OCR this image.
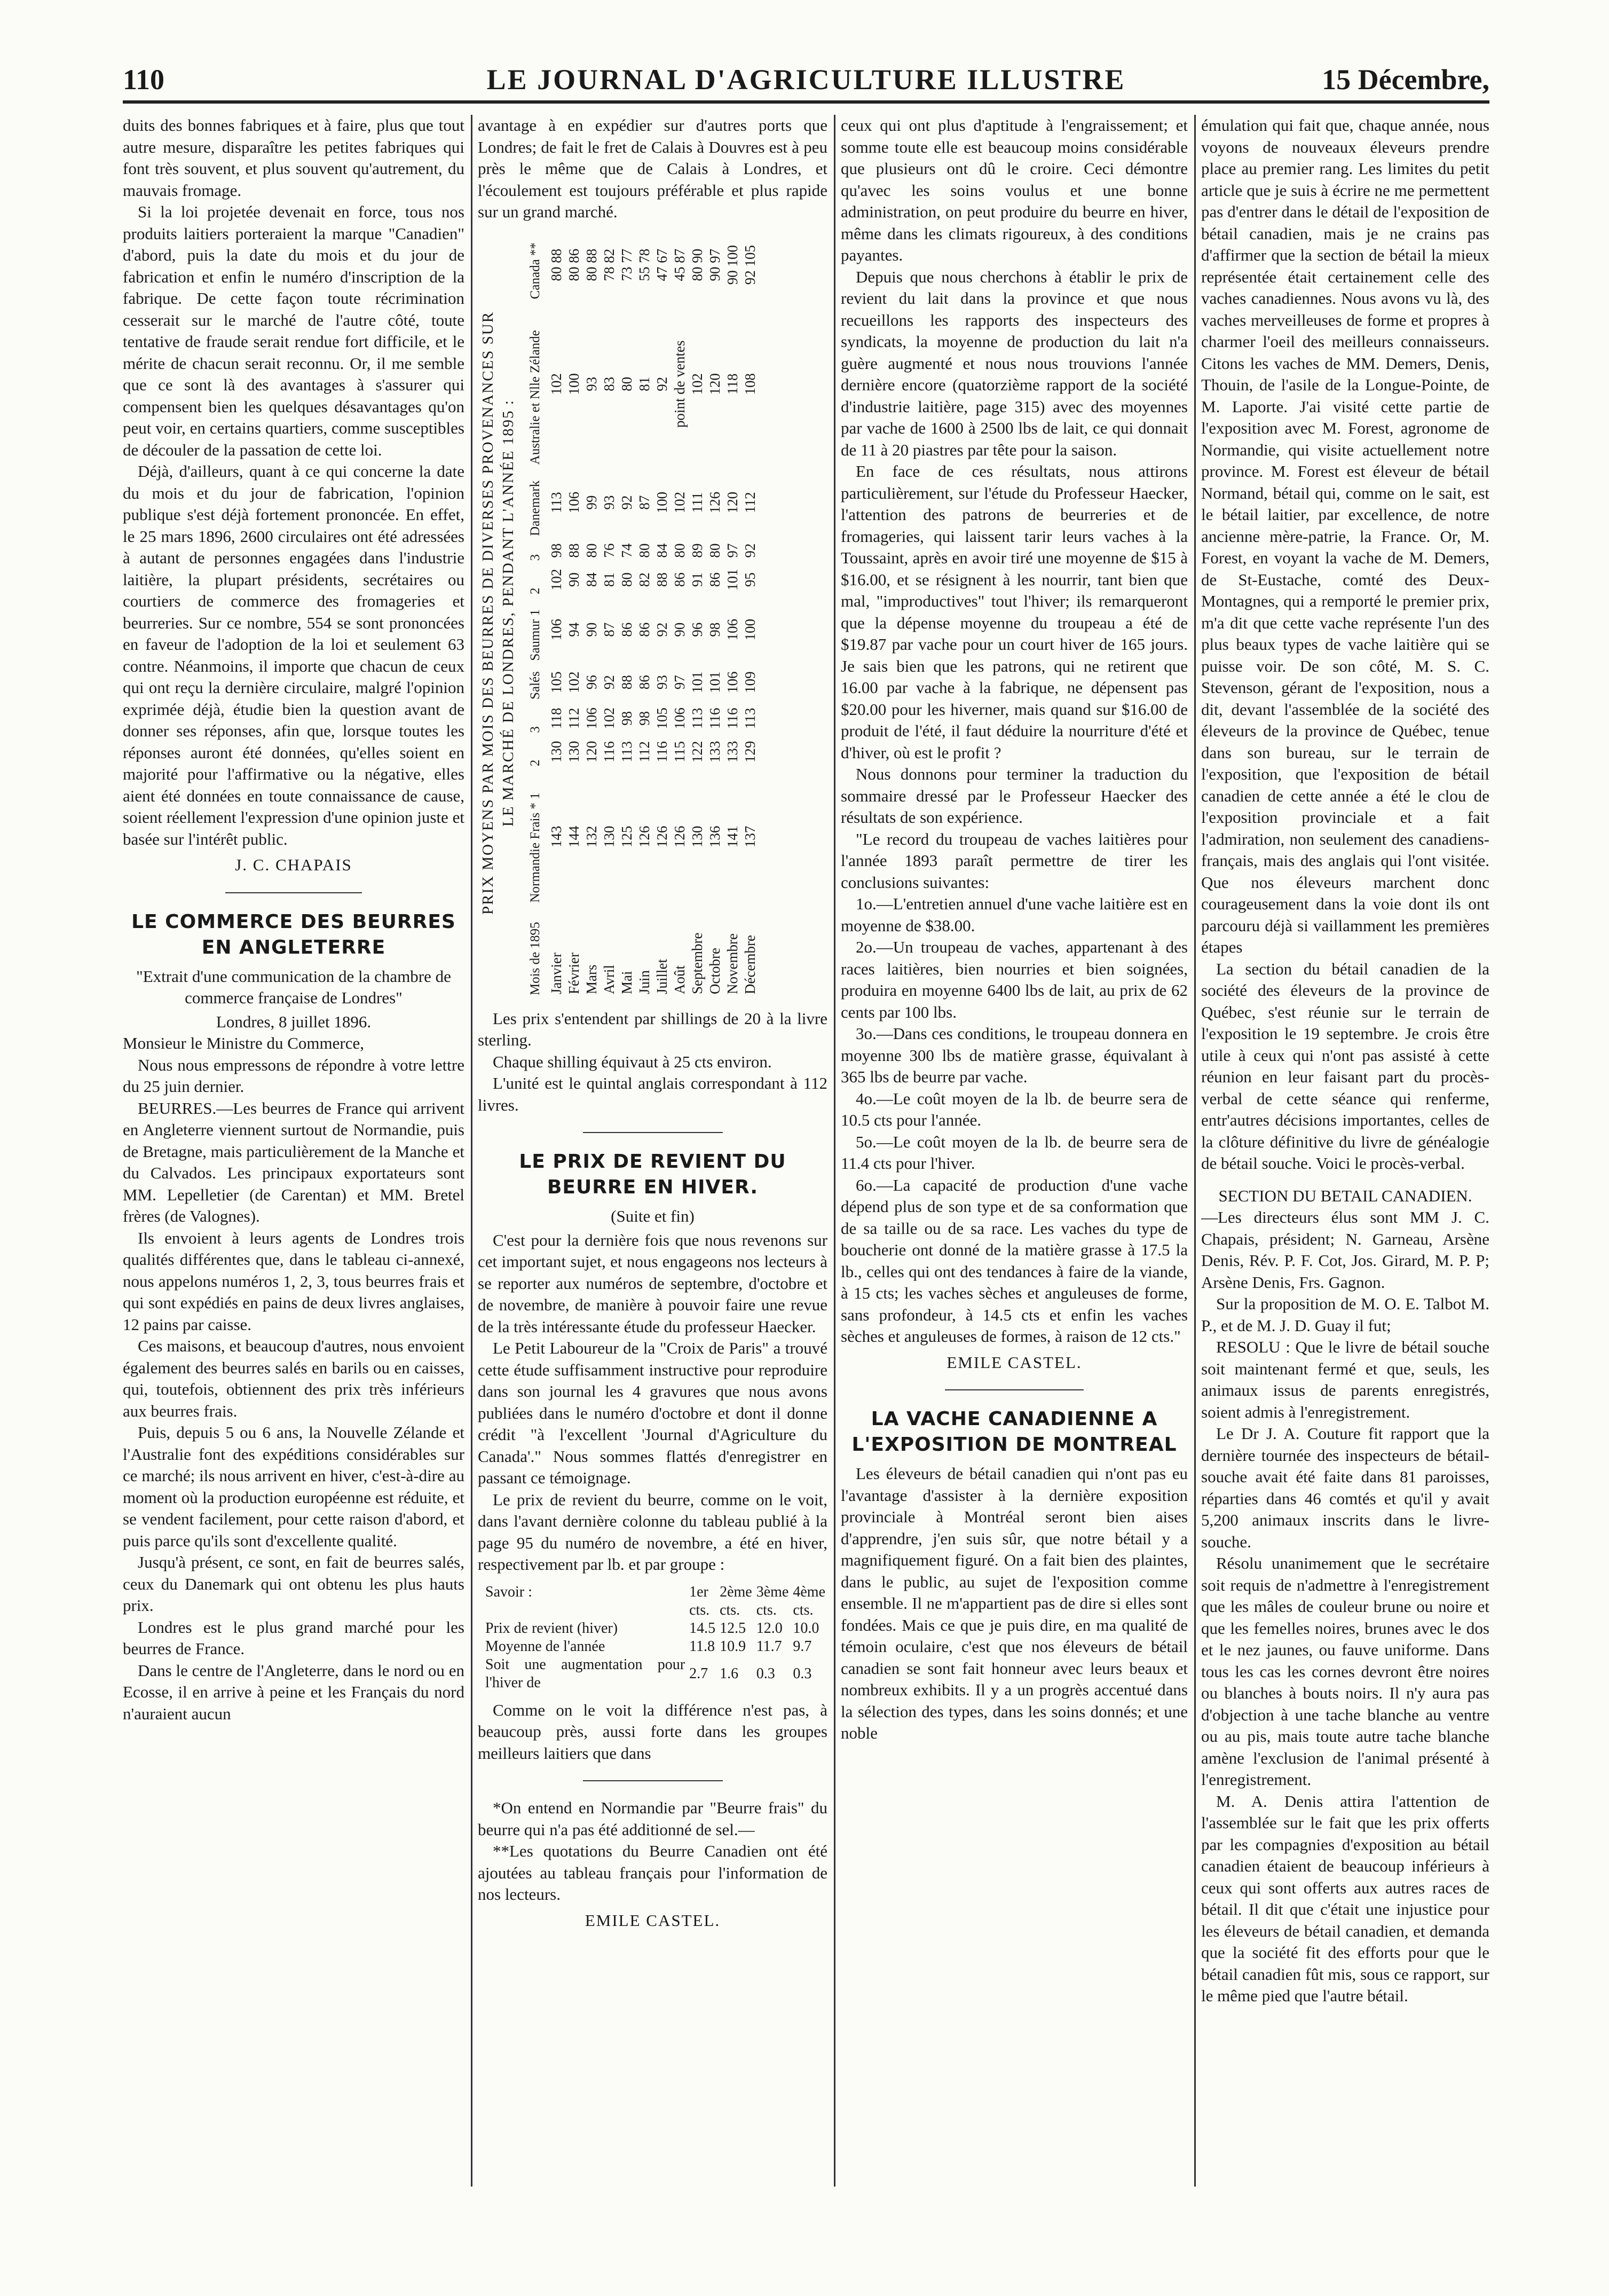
110	LE JOURNAL D'AGRICULTURE ILLUSTRE	15 Décembre,

duits des bonnes fabriques et à faire, plus que tout autre mesure, disparaître les petites fabriques qui font très souvent, et plus souvent qu'autrement, du mauvais fromage.

Si la loi projetée devenait en force, tous nos produits laitiers porteraient la marque "Canadien" d'abord, puis la date du mois et du jour de fabrication et enfin le numéro d'inscription de la fabrique. De cette façon toute récrimination cesserait sur le marché de l'autre côté, toute tentative de fraude serait rendue fort difficile, et le mérite de chacun serait reconnu. Or, il me semble que ce sont là des avantages à s'assurer qui compensent bien les quelques désavantages qu'on peut voir, en certains quartiers, comme susceptibles de découler de la passation de cette loi.

Déjà, d'ailleurs, quant à ce qui concerne la date du mois et du jour de fabrication, l'opinion publique s'est déjà fortement prononcée. En effet, le 25 mars 1896, 2600 circulaires ont été adressées à autant de personnes engagées dans l'industrie laitière, la plupart présidents, secrétaires ou courtiers de commerce des fromageries et beurreries. Sur ce nombre, 554 se sont prononcées en faveur de l'adoption de la loi et seulement 63 contre. Néanmoins, il importe que chacun de ceux qui ont reçu la dernière circulaire, malgré l'opinion exprimée déjà, étudie bien la question avant de donner ses réponses, afin que, lorsque toutes les réponses auront été données, qu'elles soient en majorité pour l'affirmative ou la négative, elles aient été données en toute connaissance de cause, soient réellement l'expression d'une opinion juste et basée sur l'intérêt public.

J. C. CHAPAIS
LE COMMERCE DES BEURRES EN ANGLETERRE
"Extrait d'une communication de la chambre de commerce française de Londres"
Londres, 8 juillet 1896.

Monsieur le Ministre du Commerce,

Nous nous empressons de répondre à votre lettre du 25 juin dernier.

BEURRES.—Les beurres de France qui arrivent en Angleterre viennent surtout de Normandie, puis de Bretagne, mais particulièrement de la Manche et du Calvados. Les principaux exportateurs sont MM. Lepelletier (de Carentan) et MM. Bretel frères (de Valognes).

Ils envoient à leurs agents de Londres trois qualités différentes que, dans le tableau ci-annexé, nous appelons numéros 1, 2, 3, tous beurres frais et qui sont expédiés en pains de deux livres anglaises, 12 pains par caisse.

Ces maisons, et beaucoup d'autres, nous envoient également des beurres salés en barils ou en caisses, qui, toutefois, obtiennent des prix très inférieurs aux beurres frais.

Puis, depuis 5 ou 6 ans, la Nouvelle Zélande et l'Australie font des expéditions considérables sur ce marché; ils nous arrivent en hiver, c'est-à-dire au moment où la production européenne est réduite, et se vendent facilement, pour cette raison d'abord, et puis parce qu'ils sont d'excellente qualité.

Jusqu'à présent, ce sont, en fait de beurres salés, ceux du Danemark qui ont obtenu les plus hauts prix.

Londres est le plus grand marché pour les beurres de France.

Dans le centre de l'Angleterre, dans le nord ou en Ecosse, il en arrive à peine et les Français du nord n'auraient aucun

avantage à en expédier sur d'autres ports que Londres; de fait le fret de Calais à Douvres est à peu près le même que de Calais à Londres, et l'écoulement est toujours préférable et plus rapide sur un grand marché.

PRIX MOYENS PAR MOIS DES BEURRES DE DIVERSES PROVENANCES SUR LE MARCHÉ DE LONDRES, PENDANT L'ANNÉE 1895 :
Mois de 1895	Normandie Frais * 1	2	3	Salés	Saumur 1	2	3	Danemark	Australie et Nlle Zélande	Canada **
Janvier	143	130	118	105	106	102	98	113	102	80 88
Février	144	130	112	102	94	90	88	106	100	80 86
Mars	132	120	106	96	90	84	80	99	93	80 88
Avril	130	116	102	92	87	81	76	93	83	78 82
Mai	125	113	98	88	86	80	74	92	80	73 77
Juin	126	112	98	86	86	82	80	87	81	55 78
Juillet	126	116	105	93	92	88	84	100	92	47 67
Août	126	115	106	97	90	86	80	102	point de ventes	45 87
Septembre	130	122	113	101	96	91	89	111	102	80 90
Octobre	136	133	116	101	98	86	80	126	120	90 97
Novembre	141	133	116	106	106	101	97	120	118	90 100
Décembre	137	129	113	109	100	95	92	112	108	92 105

Les prix s'entendent par shillings de 20 à la livre sterling.

Chaque shilling équivaut à 25 cts environ.

L'unité est le quintal anglais correspondant à 112 livres.

LE PRIX DE REVIENT DU BEURRE EN HIVER.
(Suite et fin)

C'est pour la dernière fois que nous revenons sur cet important sujet, et nous engageons nos lecteurs à se reporter aux numéros de septembre, d'octobre et de novembre, de manière à pouvoir faire une revue de la très intéressante étude du professeur Haecker.

Le Petit Laboureur de la "Croix de Paris" a trouvé cette étude suffisamment instructive pour reproduire dans son journal les 4 gravures que nous avons publiées dans le numéro d'octobre et dont il donne crédit "à l'excellent 'Journal d'Agriculture du Canada'." Nous sommes flattés d'enregistrer en passant ce témoignage.

Le prix de revient du beurre, comme on le voit, dans l'avant dernière colonne du tableau publié à la page 95 du numéro de novembre, a été en hiver, respectivement par lb. et par groupe :

Savoir :	1er	2ème	3ème	4ème
	cts.	cts.	cts.	cts.
Prix de revient (hiver)	14.5	12.5	12.0	10.0
Moyenne de l'année	11.8	10.9	11.7	9.7
Soit une augmentation pour l'hiver de	2.7	1.6	0.3	0.3

Comme on le voit la différence n'est pas, à beaucoup près, aussi forte dans les groupes meilleurs laitiers que dans

*On entend en Normandie par "Beurre frais" du beurre qui n'a pas été additionné de sel.—

**Les quotations du Beurre Canadien ont été ajoutées au tableau français pour l'information de nos lecteurs.

EMILE CASTEL.

ceux qui ont plus d'aptitude à l'engraissement; et somme toute elle est beaucoup moins considérable que plusieurs ont dû le croire. Ceci démontre qu'avec les soins voulus et une bonne administration, on peut produire du beurre en hiver, même dans les climats rigoureux, à des conditions payantes.

Depuis que nous cherchons à établir le prix de revient du lait dans la province et que nous recueillons les rapports des inspecteurs des syndicats, la moyenne de production du lait n'a guère augmenté et nous nous trouvions l'année dernière encore (quatorzième rapport de la société d'industrie laitière, page 315) avec des moyennes par vache de 1600 à 2500 lbs de lait, ce qui donnait de 11 à 20 piastres par tête pour la saison.

En face de ces résultats, nous attirons particulièrement, sur l'étude du Professeur Haecker, l'attention des patrons de beurreries et de fromageries, qui laissent tarir leurs vaches à la Toussaint, après en avoir tiré une moyenne de $15 à $16.00, et se résignent à les nourrir, tant bien que mal, "improductives" tout l'hiver; ils remarqueront que la dépense moyenne du troupeau a été de $19.87 par vache pour un court hiver de 165 jours. Je sais bien que les patrons, qui ne retirent que 16.00 par vache à la fabrique, ne dépensent pas $20.00 pour les hiverner, mais quand sur $16.00 de produit de l'été, il faut déduire la nourriture d'été et d'hiver, où est le profit ?

Nous donnons pour terminer la traduction du sommaire dressé par le Professeur Haecker des résultats de son expérience.

"Le record du troupeau de vaches laitières pour l'année 1893 paraît permettre de tirer les conclusions suivantes:

1o.—L'entretien annuel d'une vache laitière est en moyenne de $38.00.

2o.—Un troupeau de vaches, appartenant à des races laitières, bien nourries et bien soignées, produira en moyenne 6400 lbs de lait, au prix de 62 cents par 100 lbs.

3o.—Dans ces conditions, le troupeau donnera en moyenne 300 lbs de matière grasse, équivalant à 365 lbs de beurre par vache.

4o.—Le coût moyen de la lb. de beurre sera de 10.5 cts pour l'année.

5o.—Le coût moyen de la lb. de beurre sera de 11.4 cts pour l'hiver.

6o.—La capacité de production d'une vache dépend plus de son type et de sa conformation que de sa taille ou de sa race. Les vaches du type de boucherie ont donné de la matière grasse à 17.5 la lb., celles qui ont des tendances à faire de la viande, à 15 cts; les vaches sèches et anguleuses de forme, sans profondeur, à 14.5 cts et enfin les vaches sèches et anguleuses de formes, à raison de 12 cts."

EMILE CASTEL.
LA VACHE CANADIENNE A L'EXPOSITION DE MONTREAL

Les éleveurs de bétail canadien qui n'ont pas eu l'avantage d'assister à la dernière exposition provinciale à Montréal seront bien aises d'apprendre, j'en suis sûr, que notre bétail y a magnifiquement figuré. On a fait bien des plaintes, dans le public, au sujet de l'exposition comme ensemble. Il ne m'appartient pas de dire si elles sont fondées. Mais ce que je puis dire, en ma qualité de témoin oculaire, c'est que nos éleveurs de bétail canadien se sont fait honneur avec leurs beaux et nombreux exhibits. Il y a un progrès accentué dans la sélection des types, dans les soins donnés; et une noble

émulation qui fait que, chaque année, nous voyons de nouveaux éleveurs prendre place au premier rang. Les limites du petit article que je suis à écrire ne me permettent pas d'entrer dans le détail de l'exposition de bétail canadien, mais je ne crains pas d'affirmer que la section de bétail la mieux représentée était certainement celle des vaches canadiennes. Nous avons vu là, des vaches merveilleuses de forme et propres à charmer l'oeil des meilleurs connaisseurs. Citons les vaches de MM. Demers, Denis, Thouin, de l'asile de la Longue-Pointe, de M. Laporte. J'ai visité cette partie de l'exposition avec M. Forest, agronome de Normandie, qui visite actuellement notre province. M. Forest est éleveur de bétail Normand, bétail qui, comme on le sait, est le bétail laitier, par excellence, de notre ancienne mère-patrie, la France. Or, M. Forest, en voyant la vache de M. Demers, de St-Eustache, comté des Deux-Montagnes, qui a remporté le premier prix, m'a dit que cette vache représente l'un des plus beaux types de vache laitière qui se puisse voir. De son côté, M. S. C. Stevenson, gérant de l'exposition, nous a dit, devant l'assemblée de la société des éleveurs de la province de Québec, tenue dans son bureau, sur le terrain de l'exposition, que l'exposition de bétail canadien de cette année a été le clou de l'exposition provinciale et a fait l'admiration, non seulement des canadiens-français, mais des anglais qui l'ont visitée. Que nos éleveurs marchent donc courageusement dans la voie dont ils ont parcouru déjà si vaillamment les premières étapes

La section du bétail canadien de la société des éleveurs de la province de Québec, s'est réunie sur le terrain de l'exposition le 19 septembre. Je crois être utile à ceux qui n'ont pas assisté à cette réunion en leur faisant part du procès-verbal de cette séance qui renferme, entr'autres décisions importantes, celles de la clôture définitive du livre de généalogie de bétail souche. Voici le procès-verbal.

SECTION DU BETAIL CANADIEN.

—Les directeurs élus sont MM J. C. Chapais, président; N. Garneau, Arsène Denis, Rév. P. F. Cot, Jos. Girard, M. P. P; Arsène Denis, Frs. Gagnon.

Sur la proposition de M. O. E. Talbot M. P., et de M. J. D. Guay il fut;

RESOLU : Que le livre de bétail souche soit maintenant fermé et que, seuls, les animaux issus de parents enregistrés, soient admis à l'enregistrement.

Le Dr J. A. Couture fit rapport que la dernière tournée des inspecteurs de bétail-souche avait été faite dans 81 paroisses, réparties dans 46 comtés et qu'il y avait 5,200 animaux inscrits dans le livre-souche.

Résolu unanimement que le secrétaire soit requis de n'admettre à l'enregistrement que les mâles de couleur brune ou noire et que les femelles noires, brunes avec le dos et le nez jaunes, ou fauve uniforme. Dans tous les cas les cornes devront être noires ou blanches à bouts noirs. Il n'y aura pas d'objection à une tache blanche au ventre ou au pis, mais toute autre tache blanche amène l'exclusion de l'animal présenté à l'enregistrement.

M. A. Denis attira l'attention de l'assemblée sur le fait que les prix offerts par les compagnies d'exposition au bétail canadien étaient de beaucoup inférieurs à ceux qui sont offerts aux autres races de bétail. Il dit que c'était une injustice pour les éleveurs de bétail canadien, et demanda que la société fit des efforts pour que le bétail canadien fût mis, sous ce rapport, sur le même pied que l'autre bétail.
